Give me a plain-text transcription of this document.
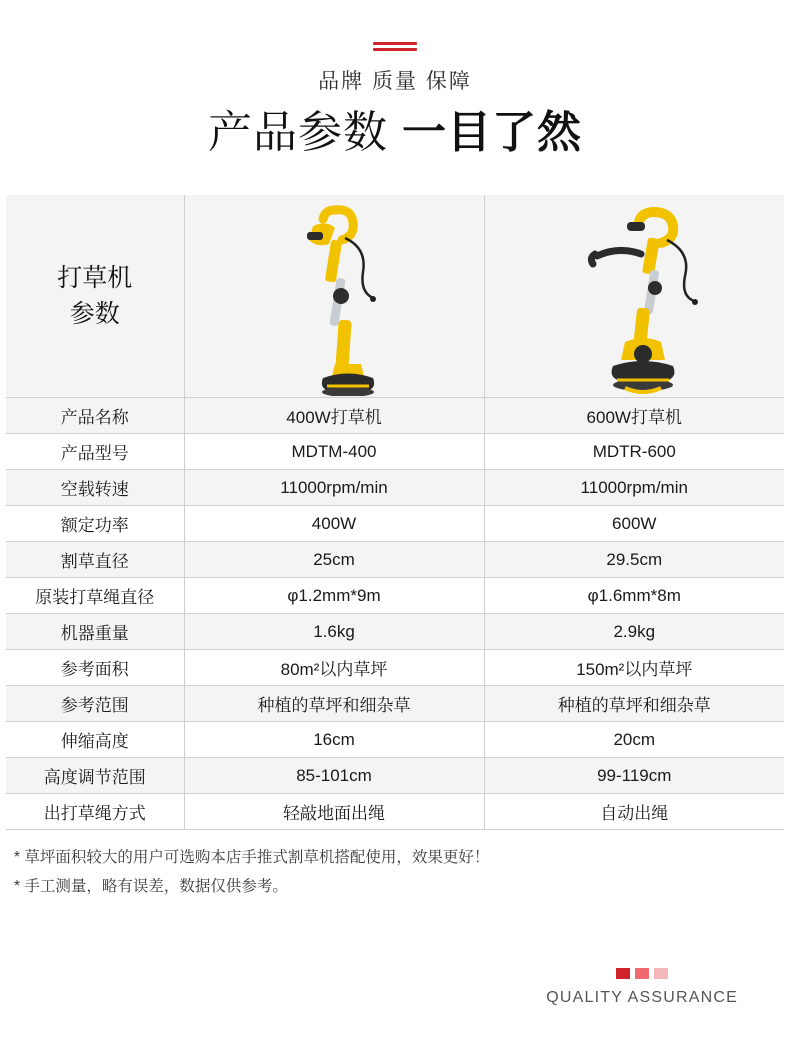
品牌 质量 保障
产品参数 一目了然
打草机
参数

产品名称	400W打草机	600W打草机
产品型号	MDTM-400	MDTR-600
空载转速	11000rpm/min	11000rpm/min
额定功率	400W	600W
割草直径	25cm	29.5cm
原装打草绳直径	φ1.2mm*9m	φ1.6mm*8m
机器重量	1.6kg	2.9kg
参考面积	80m²以内草坪	150m²以内草坪
参考范围	种植的草坪和细杂草	种植的草坪和细杂草
伸缩高度	16cm	20cm
高度调节范围	85-101cm	99-119cm
出打草绳方式	轻敲地面出绳	自动出绳
* 草坪面积较大的用户可选购本店手推式割草机搭配使用，效果更好！
* 手工测量，略有误差，数据仅供参考。
QUALITY ASSURANCE
